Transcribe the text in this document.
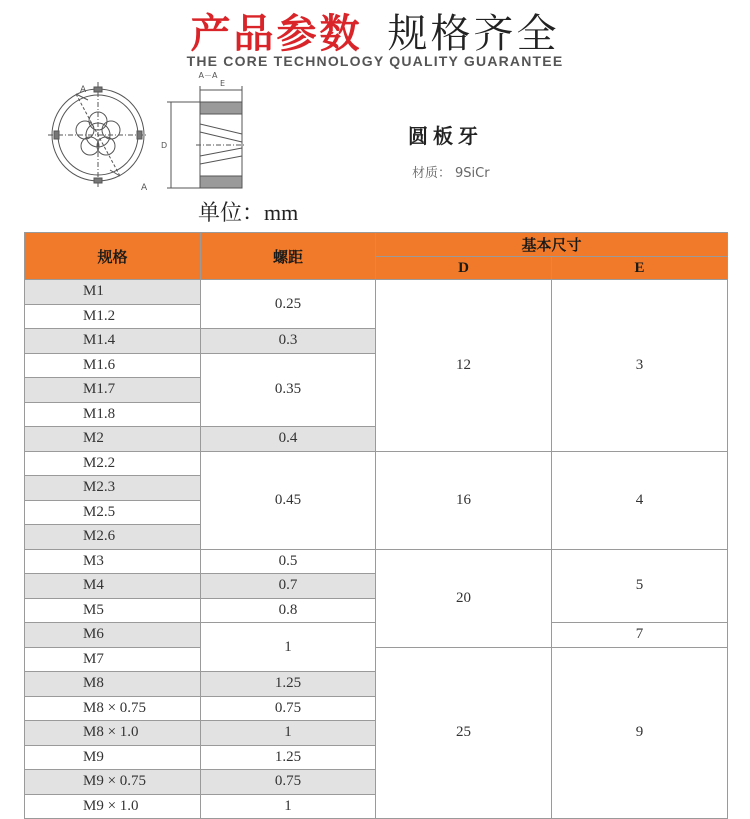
产品参数 规格齐全
THE CORE TECHNOLOGY QUALITY GUARANTEE
A
A
A－A
E
D	圆板牙
材质： 9SiCr
单位：mm
规格	螺距	基本尺寸	
		D	E
M1	0.25	12	3
M1.2			
M1.4	0.3		
M1.6	0.35		
M1.7			
M1.8			
M2	0.4		
M2.2	0.45	16	4
M2.3			
M2.5			
M2.6			
M3	0.5	20	5
M4	0.7		
M5	0.8		
M6	1		7
M7		25	9
M8	1.25		
M8 × 0.75	0.75		
M8 × 1.0	1		
M9	1.25		
M9 × 0.75	0.75		
M9 × 1.0	1		
